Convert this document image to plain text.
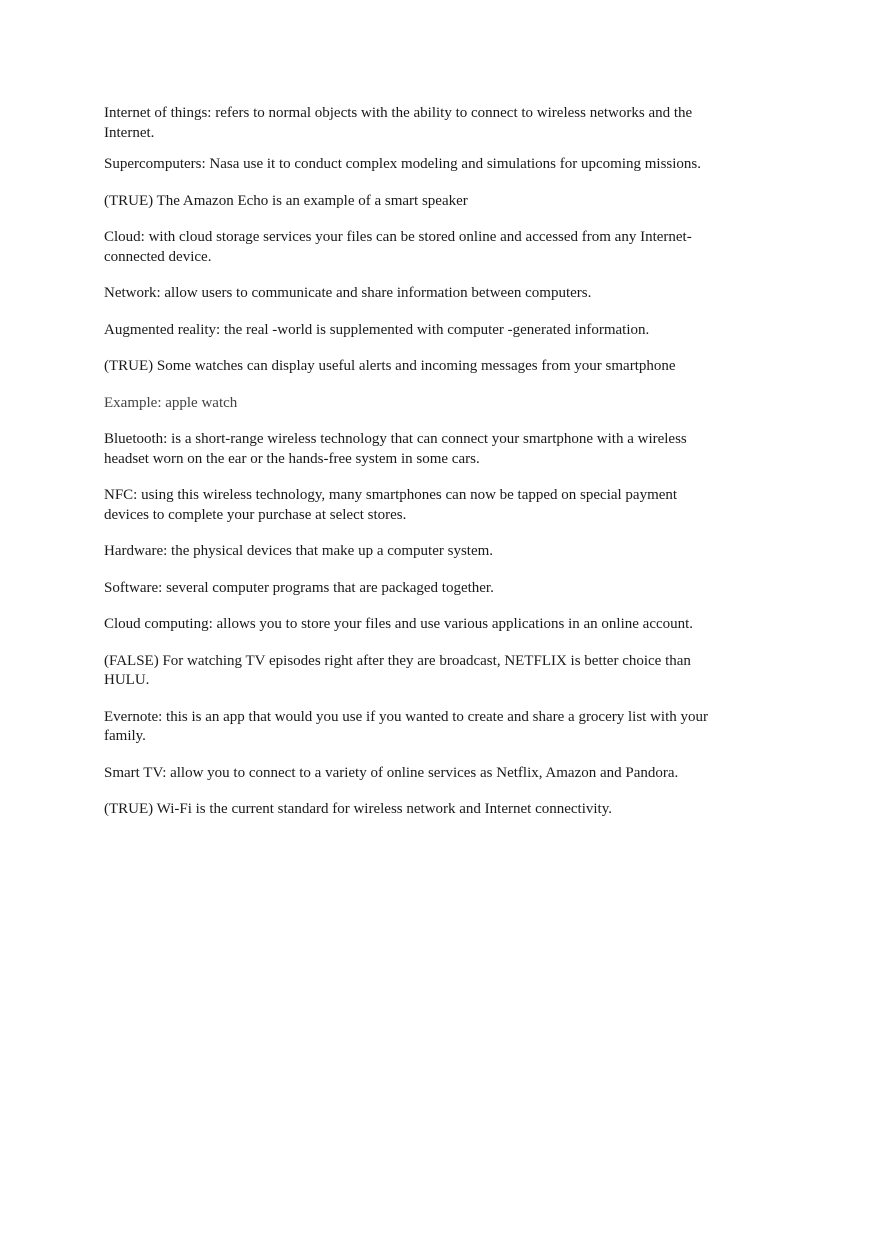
Internet of things: refers to normal objects with the ability to connect to wireless networks and the Internet.

Supercomputers: Nasa use it to conduct complex modeling and simulations for upcoming missions.

(TRUE) The Amazon Echo is an example of a smart speaker

Cloud: with cloud storage services your files can be stored online and accessed from any Internet-connected device.

Network: allow users to communicate and share information between computers.

Augmented reality: the real -world is supplemented with computer -generated information.

(TRUE) Some watches can display useful alerts and incoming messages from your smartphone

Example: apple watch

Bluetooth: is a short-range wireless technology that can connect your smartphone with a wireless headset worn on the ear or the hands-free system in some cars.

NFC: using this wireless technology, many smartphones can now be tapped on special payment devices to complete your purchase at select stores.

Hardware: the physical devices that make up a computer system.

Software: several computer programs that are packaged together.

Cloud computing: allows you to store your files and use various applications in an online account.

(FALSE) For watching TV episodes right after they are broadcast, NETFLIX is better choice than HULU.

Evernote: this is an app that would you use if you wanted to create and share a grocery list with your family.

Smart TV: allow you to connect to a variety of online services as Netflix, Amazon and Pandora.

(TRUE) Wi-Fi is the current standard for wireless network and Internet connectivity.
